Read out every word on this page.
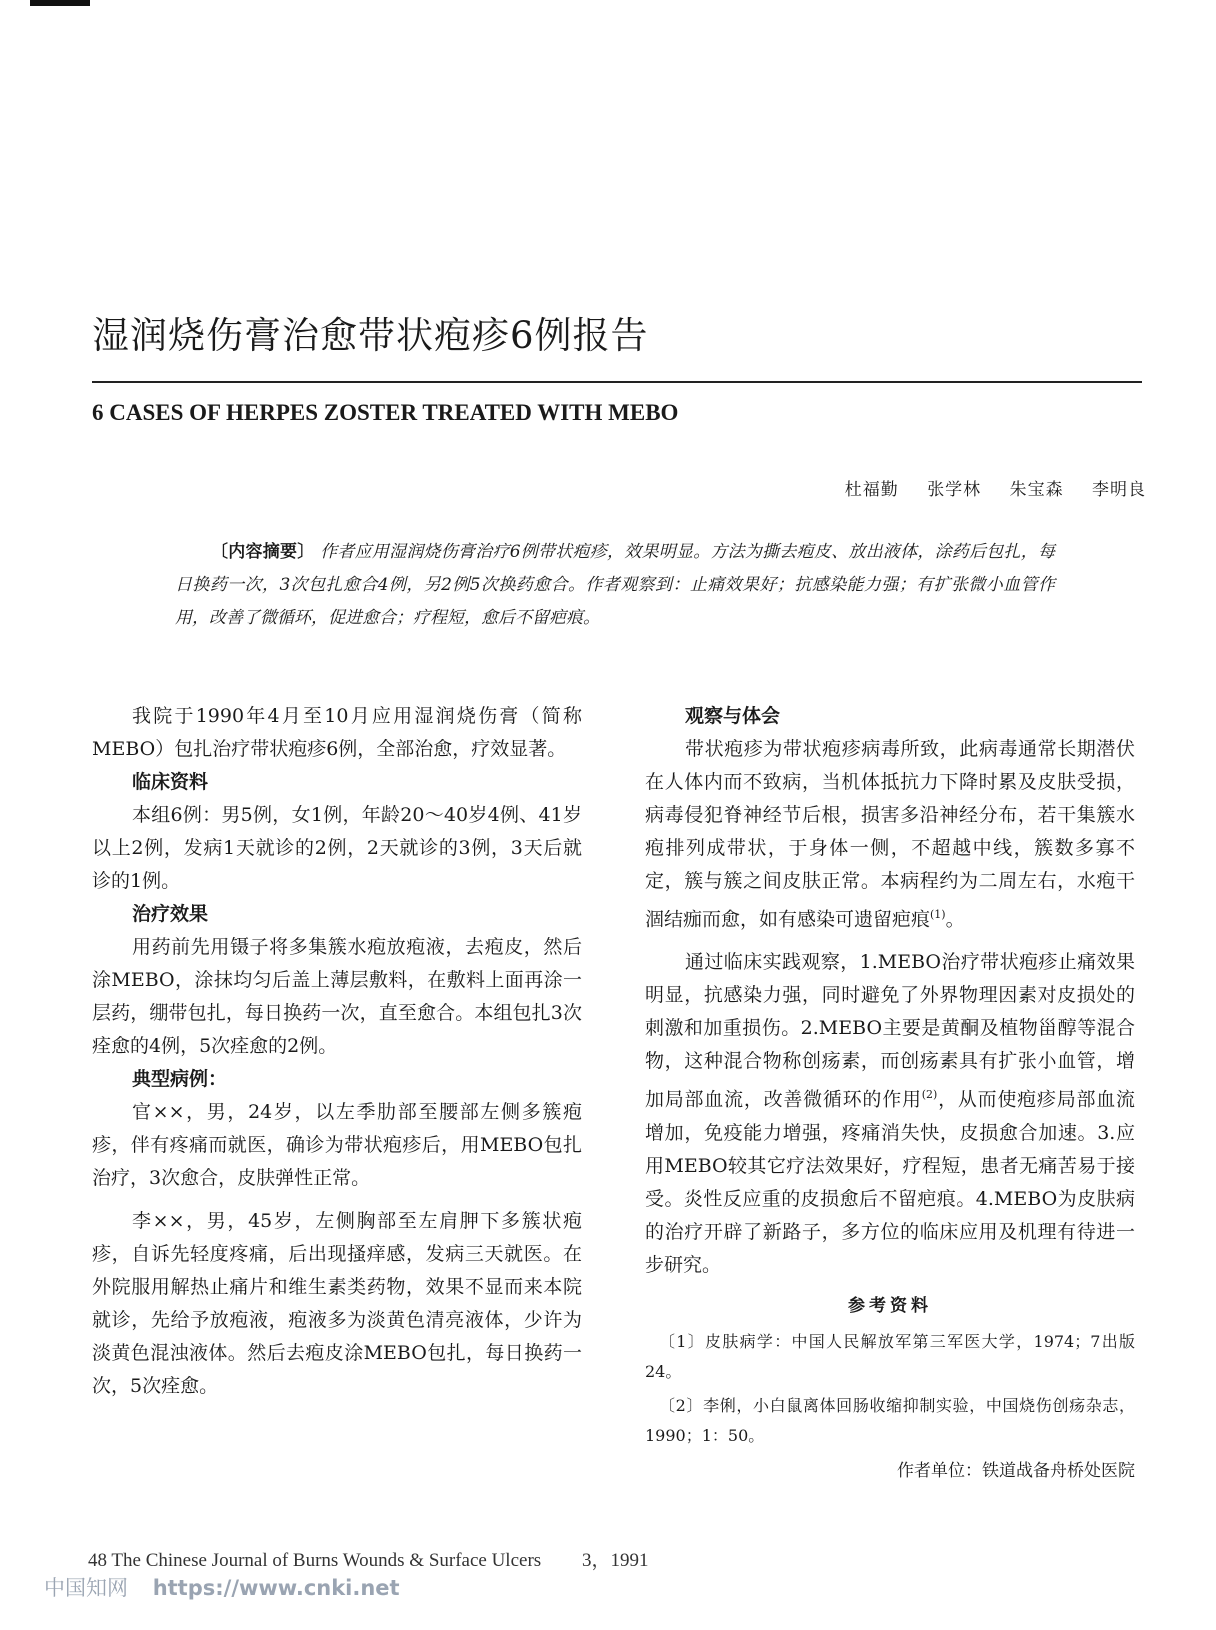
湿润烧伤膏治愈带状疱疹6例报告
6 CASES OF HERPES ZOSTER TREATED WITH MEBO
杜福勤 张学林 朱宝森 李明良
〔内容摘要〕 作者应用湿润烧伤膏治疗6例带状疱疹，效果明显。方法为撕去疱皮、放出液体，涂药后包扎，每日换药一次，3次包扎愈合4例，另2例5次换药愈合。作者观察到：止痛效果好；抗感染能力强；有扩张微小血管作用，改善了微循环，促进愈合；疗程短，愈后不留疤痕。

我院于1990年4月至10月应用湿润烧伤膏（简称MEBO）包扎治疗带状疱疹6例，全部治愈，疗效显著。

临床资料

本组6例：男5例，女1例，年龄20～40岁4例、41岁以上2例，发病1天就诊的2例，2天就诊的3例，3天后就诊的1例。

治疗效果

用药前先用镊子将多集簇水疱放疱液，去疱皮，然后涂MEBO，涂抹均匀后盖上薄层敷料，在敷料上面再涂一层药，绷带包扎，每日换药一次，直至愈合。本组包扎3次痊愈的4例，5次痊愈的2例。

典型病例：

官××，男，24岁，以左季肋部至腰部左侧多簇疱疹，伴有疼痛而就医，确诊为带状疱疹后，用MEBO包扎治疗，3次愈合，皮肤弹性正常。

李××，男，45岁，左侧胸部至左肩胛下多簇状疱疹，自诉先轻度疼痛，后出现搔痒感，发病三天就医。在外院服用解热止痛片和维生素类药物，效果不显而来本院就诊，先给予放疱液，疱液多为淡黄色清亮液体，少许为淡黄色混浊液体。然后去疱皮涂MEBO包扎，每日换药一次，5次痊愈。

观察与体会

带状疱疹为带状疱疹病毒所致，此病毒通常长期潜伏在人体内而不致病，当机体抵抗力下降时累及皮肤受损，病毒侵犯脊神经节后根，损害多沿神经分布，若干集簇水疱排列成带状，于身体一侧，不超越中线，簇数多寡不定，簇与簇之间皮肤正常。本病程约为二周左右，水疱干涸结痂而愈，如有感染可遗留疤痕$^{(1)}$。

通过临床实践观察，1.MEBO治疗带状疱疹止痛效果明显，抗感染力强，同时避免了外界物理因素对皮损处的刺激和加重损伤。2.MEBO主要是黄酮及植物甾醇等混合物，这种混合物称创疡素，而创疡素具有扩张小血管，增加局部血流，改善微循环的作用$^{(2)}$，从而使疱疹局部血流增加，免疫能力增强，疼痛消失快，皮损愈合加速。3.应用MEBO较其它疗法效果好，疗程短，患者无痛苦易于接受。炎性反应重的皮损愈后不留疤痕。4.MEBO为皮肤病的治疗开辟了新路子，多方位的临床应用及机理有待进一步研究。

参考资料

〔1〕皮肤病学：中国人民解放军第三军医大学，1974；7出版24。

〔2〕李俐，小白鼠离体回肠收缩抑制实验，中国烧伤创疡杂志，1990；1：50。

作者单位：铁道战备舟桥处医院
48 The Chinese Journal of Burns Wounds & Surface Ulcers 3，1991
中国知网 https://www.cnki.net
